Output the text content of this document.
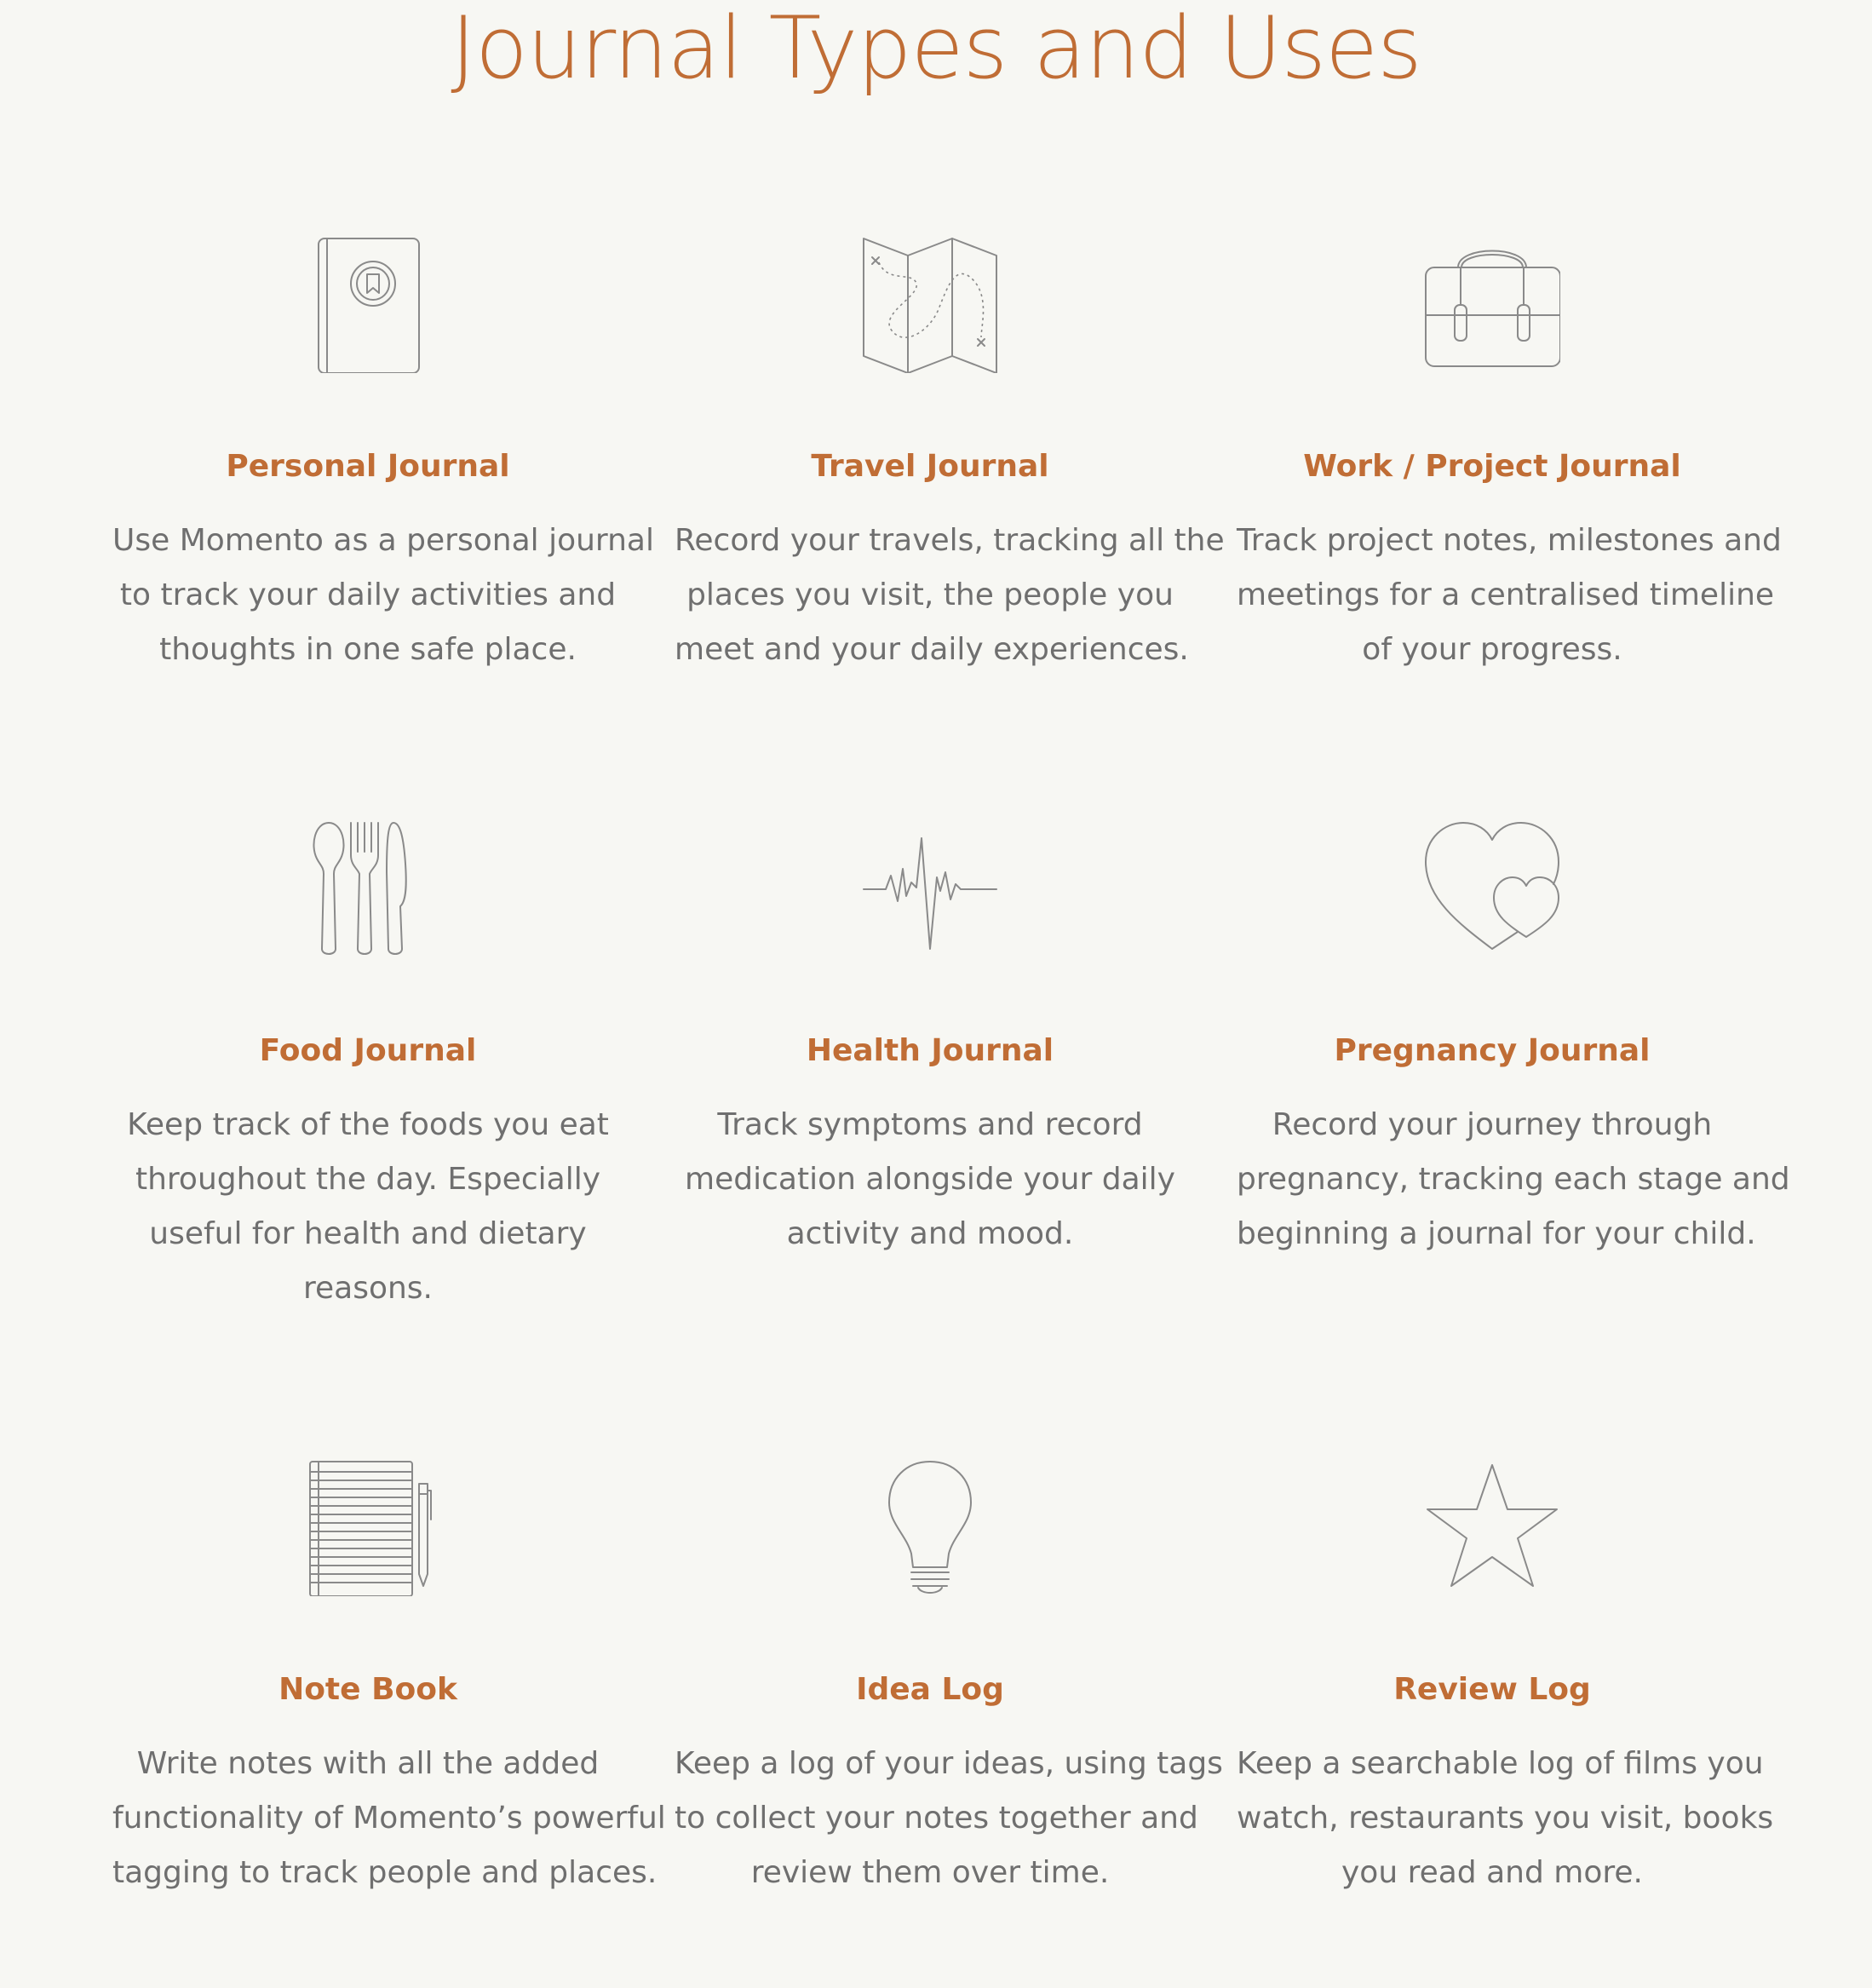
Journal Types and Uses
Personal Journal

Use Momento as a personal journal
to track your daily activities and
thoughts in one safe place.

Travel Journal

Record your travels, tracking all the
places you visit, the people you
meet and your daily experiences.

Work / Project Journal

Track project notes, milestones and
meetings for a centralised timeline
of your progress.

Food Journal

Keep track of the foods you eat
throughout the day. Especially
useful for health and dietary
reasons.

Health Journal

Track symptoms and record
medication alongside your daily
activity and mood.

Pregnancy Journal

Record your journey through
pregnancy, tracking each stage and
beginning a journal for your child.

Note Book

Write notes with all the added
functionality of Momento’s powerful
tagging to track people and places.

Idea Log

Keep a log of your ideas, using tags
to collect your notes together and
review them over time.

Review Log

Keep a searchable log of films you
watch, restaurants you visit, books
you read and more.
